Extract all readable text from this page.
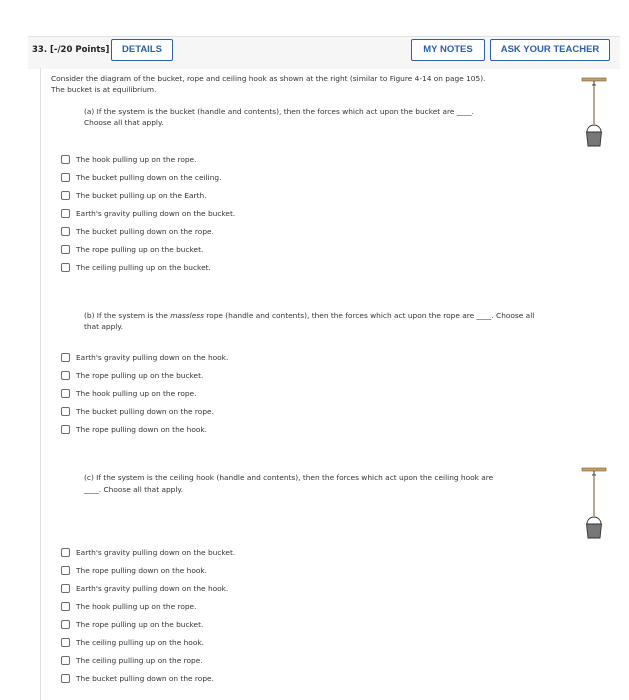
33. [-/20 Points]	DETAILS	MY NOTES	ASK YOUR TEACHER
Consider the diagram of the bucket, rope and ceiling hook as shown at the right (similar to Figure 4-14 on page 105).
The bucket is at equilibrium.
(a) If the system is the bucket (handle and contents), then the forces which act upon the bucket are ____.
Choose all that apply.
The hook pulling up on the rope.
The bucket pulling down on the ceiling.
The bucket pulling up on the Earth.
Earth's gravity pulling down on the bucket.
The bucket pulling down on the rope.
The rope pulling up on the bucket.
The ceiling pulling up on the bucket.
(b) If the system is the massless rope (handle and contents), then the forces which act upon the rope are ____. Choose all
that apply.
Earth's gravity pulling down on the hook.
The rope pulling up on the bucket.
The hook pulling up on the rope.
The bucket pulling down on the rope.
The rope pulling down on the hook.
(c) If the system is the ceiling hook (handle and contents), then the forces which act upon the ceiling hook are
____. Choose all that apply.
Earth's gravity pulling down on the bucket.
The rope pulling down on the hook.
Earth's gravity pulling down on the hook.
The hook pulling up on the rope.
The rope pulling up on the bucket.
The ceiling pulling up on the hook.
The ceiling pulling up on the rope.
The bucket pulling down on the rope.
